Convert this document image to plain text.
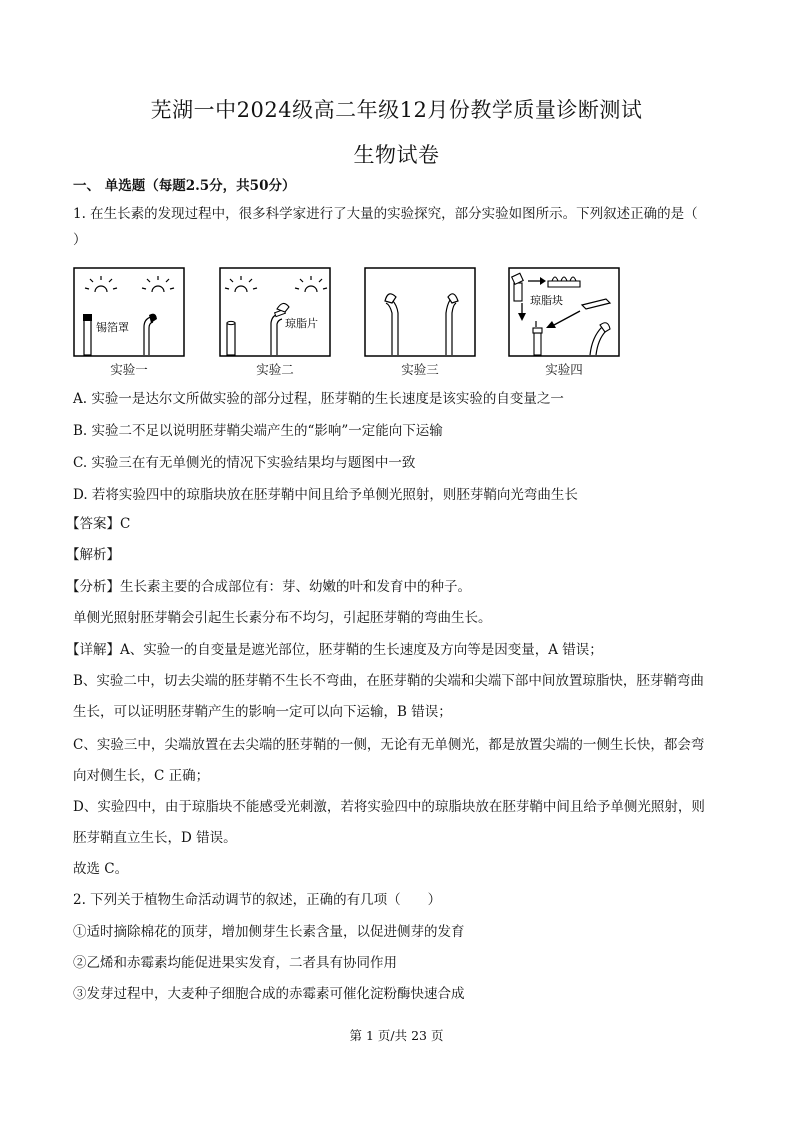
芜湖一中2024级高二年级12月份教学质量诊断测试
生物试卷
一、 单选题（每题2.5分，共50分）
1. 在生长素的发现过程中，很多科学家进行了大量的实验探究，部分实验如图所示。下列叙述正确的是（
）
锡箔罩
实验一
琼脂片
实验二	实验三
琼脂块
实验四
A. 实验一是达尔文所做实验的部分过程，胚芽鞘的生长速度是该实验的自变量之一
B. 实验二不足以说明胚芽鞘尖端产生的“影响”一定能向下运输
C. 实验三在有无单侧光的情况下实验结果均与题图中一致
D. 若将实验四中的琼脂块放在胚芽鞘中间且给予单侧光照射，则胚芽鞘向光弯曲生长
【答案】C
【解析】
【分析】生长素主要的合成部位有：芽、幼嫩的叶和发育中的种子。
单侧光照射胚芽鞘会引起生长素分布不均匀，引起胚芽鞘的弯曲生长。
【详解】A、实验一的自变量是遮光部位，胚芽鞘的生长速度及方向等是因变量，A 错误；
B、实验二中，切去尖端的胚芽鞘不生长不弯曲，在胚芽鞘的尖端和尖端下部中间放置琼脂快，胚芽鞘弯曲
生长，可以证明胚芽鞘产生的影响一定可以向下运输，B 错误；
C、实验三中，尖端放置在去尖端的胚芽鞘的一侧，无论有无单侧光，都是放置尖端的一侧生长快，都会弯
向对侧生长，C 正确；
D、实验四中，由于琼脂块不能感受光刺激，若将实验四中的琼脂块放在胚芽鞘中间且给予单侧光照射，则
胚芽鞘直立生长，D 错误。
故选 C。
2. 下列关于植物生命活动调节的叙述，正确的有几项（　　）
①适时摘除棉花的顶芽，增加侧芽生长素含量，以促进侧芽的发育
②乙烯和赤霉素均能促进果实发育，二者具有协同作用
③发芽过程中，大麦种子细胞合成的赤霉素可催化淀粉酶快速合成
第 1 页/共 23 页
